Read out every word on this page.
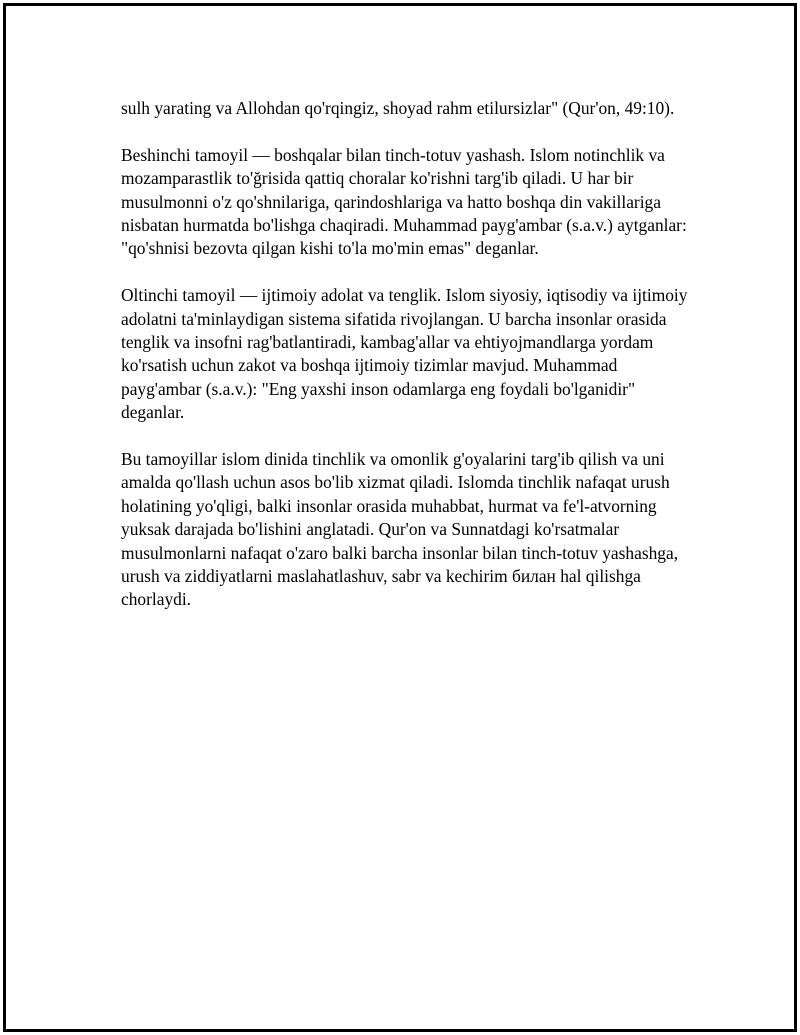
sulh yarating va Allohdan qo'rqingiz, shoyad rahm etilursizlar" (Qur'on, 49:10).

Beshinchi tamoyil — boshqalar bilan tinch-totuv yashash. Islom notinchlik va mozamparastlik to'ğrisida qattiq choralar ko'rishni targ'ib qiladi. U har bir musulmonni o'z qo'shnilariga, qarindoshlariga va hatto boshqa din vakillariga nisbatan hurmatda bo'lishga chaqiradi. Muhammad payg'ambar (s.a.v.) aytganlar: "qo'shnisi bezovta qilgan kishi to'la mo'min emas" deganlar.

Oltinchi tamoyil — ijtimoiy adolat va tenglik. Islom siyosiy, iqtisodiy va ijtimoiy adolatni ta'minlaydigan sistema sifatida rivojlangan. U barcha insonlar orasida tenglik va insofni rag'batlantiradi, kambag'allar va ehtiyojmandlarga yordam ko'rsatish uchun zakot va boshqa ijtimoiy tizimlar mavjud. Muhammad payg'ambar (s.a.v.): "Eng yaxshi inson odamlarga eng foydali bo'lganidir" deganlar.

Bu tamoyillar islom dinida tinchlik va omonlik g'oyalarini targ'ib qilish va uni amalda qo'llash uchun asos bo'lib xizmat qiladi. Islomda tinchlik nafaqat urush holatining yo'qligi, balki insonlar orasida muhabbat, hurmat va fe'l-atvorning yuksak darajada bo'lishini anglatadi. Qur'on va Sunnatdagi ko'rsatmalar musulmonlarni nafaqat o'zaro balki barcha insonlar bilan tinch-totuv yashashga, urush va ziddiyatlarni maslahatlashuv, sabr va kechirim билан hal qilishga chorlaydi.
